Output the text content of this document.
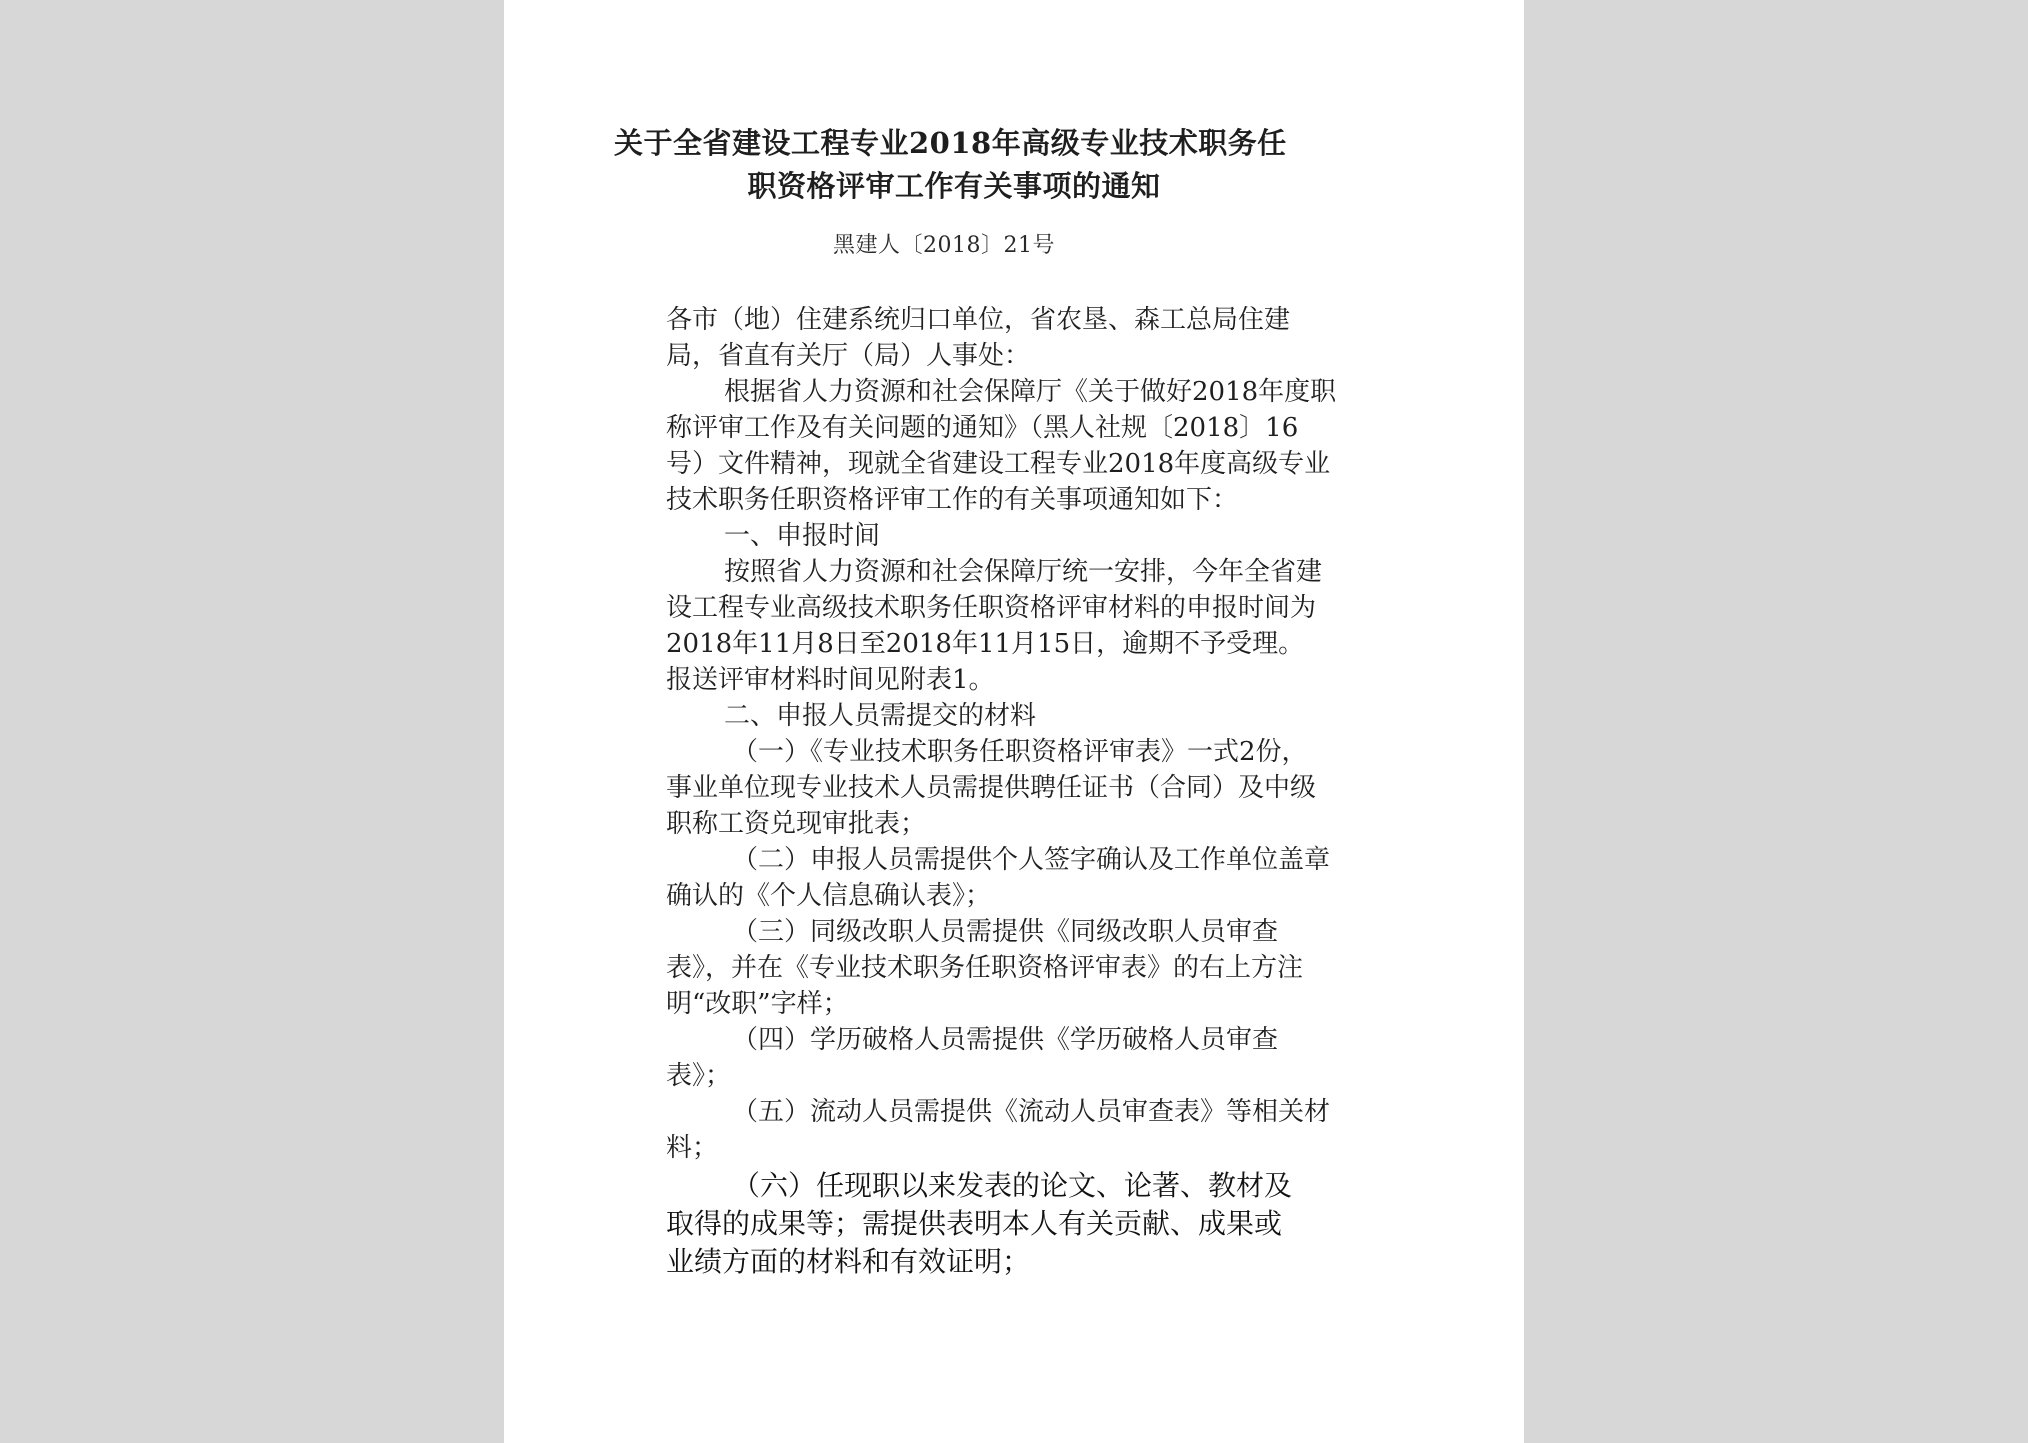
关于全省建设工程专业2018年高级专业技术职务任
职资格评审工作有关事项的通知
黑建人〔2018〕21号
各市（地）住建系统归口单位，省农垦、森工总局住建
局，省直有关厅（局）人事处：
根据省人力资源和社会保障厅《关于做好2018年度职
称评审工作及有关问题的通知》（黑人社规〔2018〕16
号）文件精神，现就全省建设工程专业2018年度高级专业
技术职务任职资格评审工作的有关事项通知如下：
一、申报时间
按照省人力资源和社会保障厅统一安排，今年全省建
设工程专业高级技术职务任职资格评审材料的申报时间为
2018年11月8日至2018年11月15日，逾期不予受理。
报送评审材料时间见附表1。
二、申报人员需提交的材料
（一）《专业技术职务任职资格评审表》一式2份，
事业单位现专业技术人员需提供聘任证书（合同）及中级
职称工资兑现审批表；
（二）申报人员需提供个人签字确认及工作单位盖章
确认的《个人信息确认表》；
（三）同级改职人员需提供《同级改职人员审查
表》，并在《专业技术职务任职资格评审表》的右上方注
明“改职”字样；
（四）学历破格人员需提供《学历破格人员审查
表》；
（五）流动人员需提供《流动人员审查表》等相关材
料；
（六）任现职以来发表的论文、论著、教材及
取得的成果等；需提供表明本人有关贡献、成果或
业绩方面的材料和有效证明；
